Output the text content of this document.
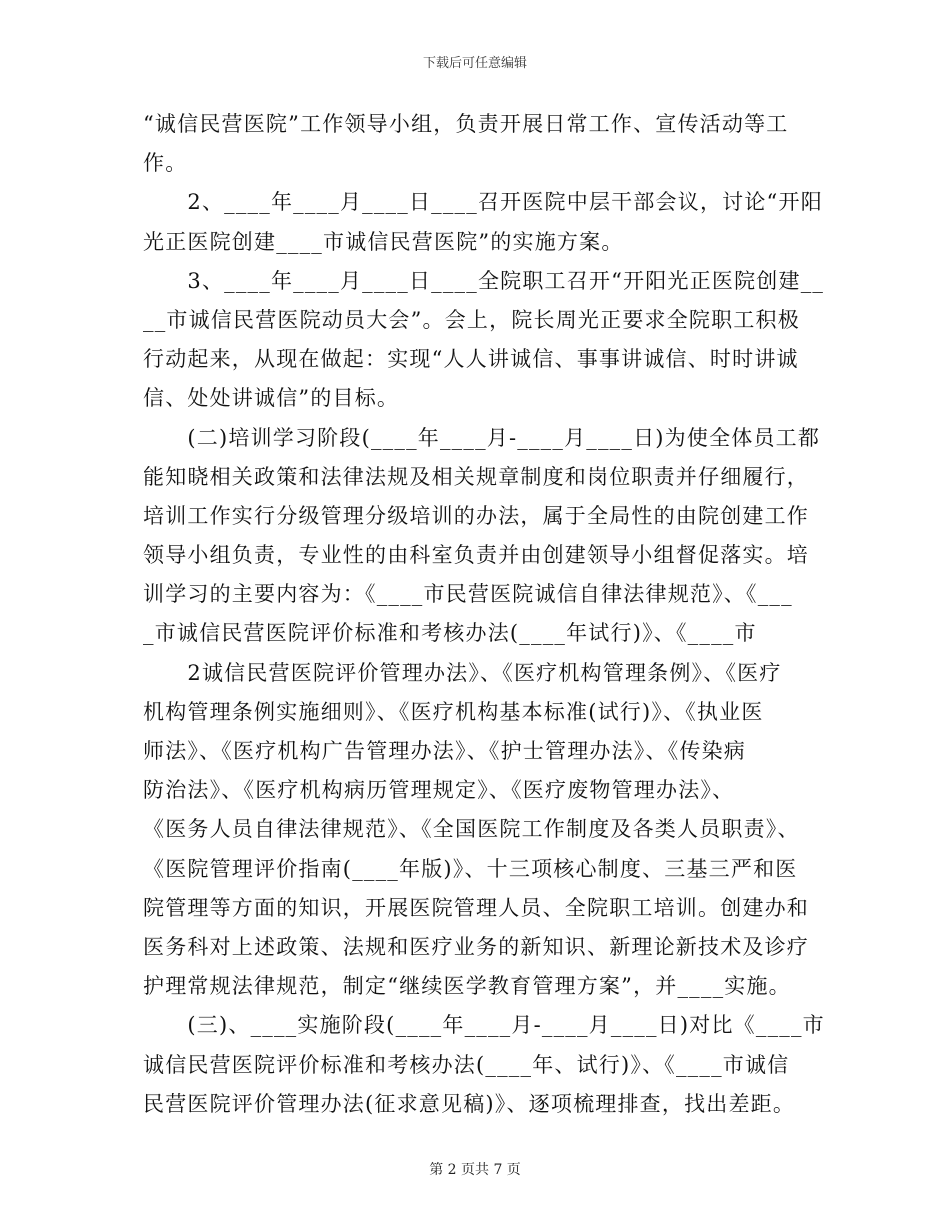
下载后可任意编辑
“诚信民营医院”工作领导小组，负责开展日常工作、宣传活动等工
作。
　　2、____年____月____日____召开医院中层干部会议，讨论“开阳
光正医院创建____市诚信民营医院”的实施方案。
　　3、____年____月____日____全院职工召开“开阳光正医院创建__
__市诚信民营医院动员大会”。会上，院长周光正要求全院职工积极
行动起来，从现在做起：实现“人人讲诚信、事事讲诚信、时时讲诚
信、处处讲诚信”的目标。
　　(二)培训学习阶段(____年____月-____月____日)为使全体员工都
能知晓相关政策和法律法规及相关规章制度和岗位职责并仔细履行，
培训工作实行分级管理分级培训的办法，属于全局性的由院创建工作
领导小组负责，专业性的由科室负责并由创建领导小组督促落实。培
训学习的主要内容为：《____市民营医院诚信自律法律规范》、《___
_市诚信民营医院评价标准和考核办法(____年试行)》、《____市
　　2诚信民营医院评价管理办法》、《医疗机构管理条例》、《医疗
机构管理条例实施细则》、《医疗机构基本标准(试行)》、《执业医
师法》、《医疗机构广告管理办法》、《护士管理办法》、《传染病
防治法》、《医疗机构病历管理规定》、《医疗废物管理办法》、
《医务人员自律法律规范》、《全国医院工作制度及各类人员职责》、
《医院管理评价指南(____年版)》、十三项核心制度、三基三严和医
院管理等方面的知识，开展医院管理人员、全院职工培训。创建办和
医务科对上述政策、法规和医疗业务的新知识、新理论新技术及诊疗
护理常规法律规范，制定“继续医学教育管理方案”，并____实施。
　　(三)、____实施阶段(____年____月-____月____日)对比《____市
诚信民营医院评价标准和考核办法(____年、试行)》、《____市诚信
民营医院评价管理办法(征求意见稿)》、逐项梳理排查，找出差距。
第 2 页共 7 页
